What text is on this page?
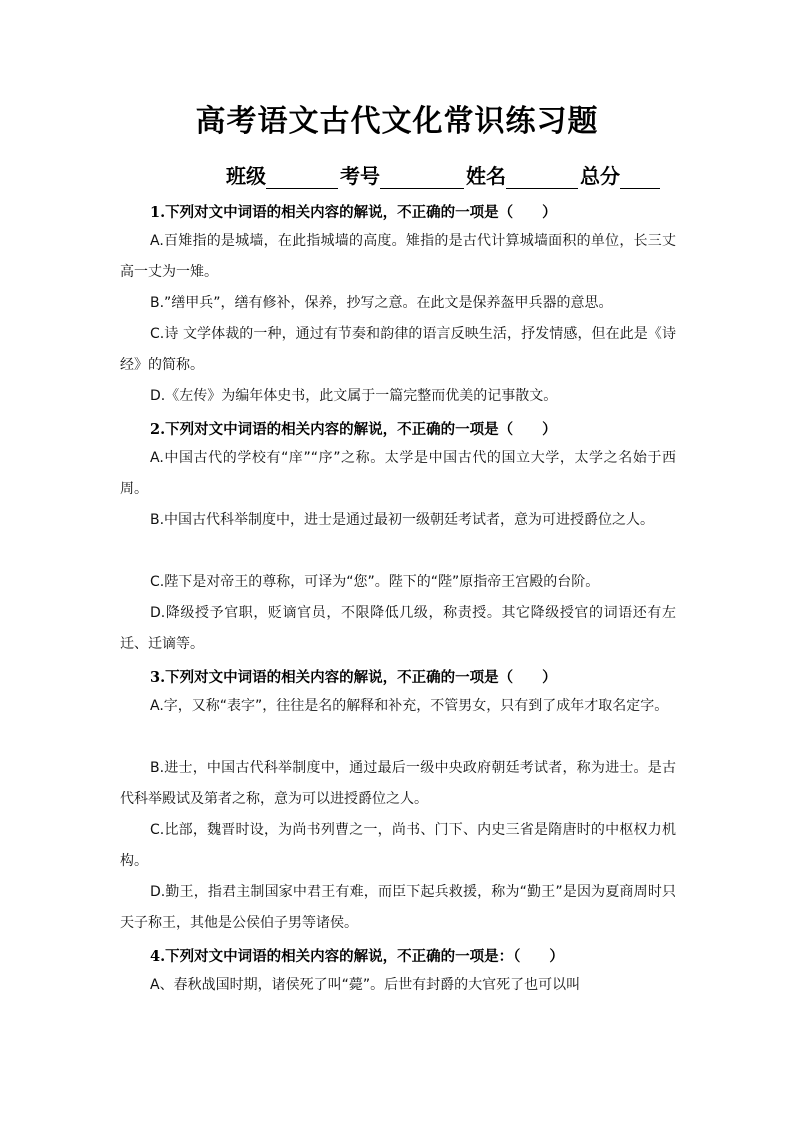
高考语文古代文化常识练习题
班级	考号	姓名	总分
1.下列对文中词语的相关内容的解说，不正确的一项是（　　）
A.百雉指的是城墙，在此指城墙的高度。雉指的是古代计算城墙面积的单位，长三丈高一丈为一雉。
B.”缮甲兵”，缮有修补，保养，抄写之意。在此文是保养盔甲兵器的意思。
C.诗 文学体裁的一种，通过有节奏和韵律的语言反映生活，抒发情感，但在此是《诗经》的简称。
D.《左传》为编年体史书，此文属于一篇完整而优美的记事散文。
2.下列对文中词语的相关内容的解说，不正确的一项是（　　）
A.中国古代的学校有“庠”“序”之称。太学是中国古代的国立大学，太学之名始于西周。
B.中国古代科举制度中，进士是通过最初一级朝廷考试者，意为可进授爵位之人。
C.陛下是对帝王的尊称，可译为“您”。陛下的“陛”原指帝王宫殿的台阶。
D.降级授予官职，贬谪官员，不限降低几级，称责授。其它降级授官的词语还有左迁、迁谪等。
3.下列对文中词语的相关内容的解说，不正确的一项是（　　）
A.字，又称“表字”，往往是名的解释和补充，不管男女，只有到了成年才取名定字。
B.进士，中国古代科举制度中，通过最后一级中央政府朝廷考试者，称为进士。是古代科举殿试及第者之称，意为可以进授爵位之人。
C.比部，魏晋时设，为尚书列曹之一，尚书、门下、内史三省是隋唐时的中枢权力机构。
D.勤王，指君主制国家中君王有难，而臣下起兵救援，称为“勤王”是因为夏商周时只天子称王，其他是公侯伯子男等诸侯。
4.下列对文中词语的相关内容的解说，不正确的一项是：（　　）
A、春秋战国时期，诸侯死了叫“薨”。后世有封爵的大官死了也可以叫
